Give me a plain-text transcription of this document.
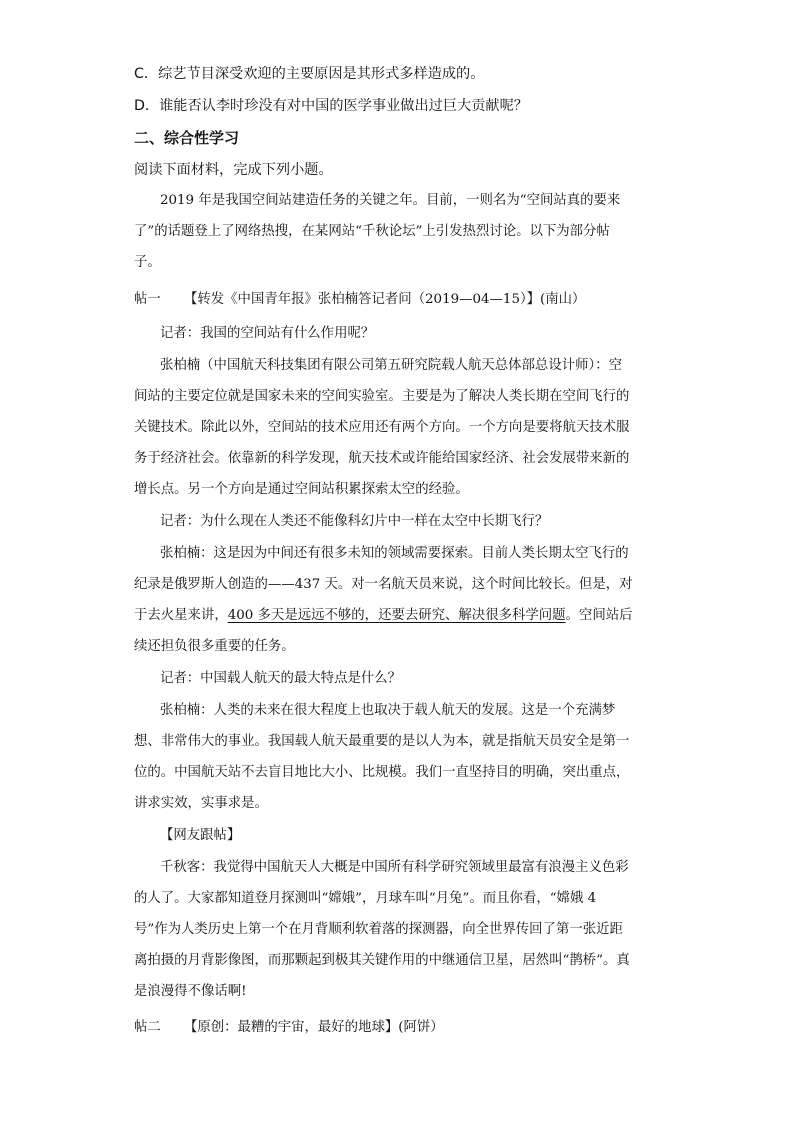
C．综艺节目深受欢迎的主要原因是其形式多样造成的。

D．谁能否认李时珍没有对中国的医学事业做出过巨大贡献呢？

二、综合性学习

阅读下面材料，完成下列小题。

2019 年是我国空间站建造任务的关键之年。目前，一则名为“空间站真的要来

了”的话题登上了网络热搜，在某网站“千秋论坛”上引发热烈讨论。以下为部分帖

子。

帖一 【转发《中国青年报》张柏楠答记者问（2019—04—15）】(南山）

记者：我国的空间站有什么作用呢？

张柏楠（中国航天科技集团有限公司第五研究院载人航天总体部总设计师）：空

间站的主要定位就是国家未来的空间实验室。主要是为了解决人类长期在空间飞行的

关键技术。除此以外，空间站的技术应用还有两个方向。一个方向是要将航天技术服

务于经济社会。依靠新的科学发现，航天技术或许能给国家经济、社会发展带来新的

增长点。另一个方向是通过空间站积累探索太空的经验。

记者：为什么现在人类还不能像科幻片中一样在太空中长期飞行？

张柏楠：这是因为中间还有很多未知的领域需要探索。目前人类长期太空飞行的

纪录是俄罗斯人创造的——437 天。对一名航天员来说，这个时间比较长。但是，对

于去火星来讲，400 多天是远远不够的，还要去研究、解决很多科学问题。空间站后

续还担负很多重要的任务。

记者：中国载人航天的最大特点是什么？

张柏楠：人类的未来在很大程度上也取决于载人航天的发展。这是一个充满梦

想、非常伟大的事业。我国载人航天最重要的是以人为本，就是指航天员安全是第一

位的。中国航天站不去盲目地比大小、比规模。我们一直坚持目的明确，突出重点，

讲求实效，实事求是。

【网友跟帖】

千秋客：我觉得中国航天人大概是中国所有科学研究领域里最富有浪漫主义色彩

的人了。大家都知道登月探测叫“嫦娥”，月球车叫“月兔”。而且你看，“嫦娥 4

号”作为人类历史上第一个在月背顺利软着落的探测器，向全世界传回了第一张近距

离拍摄的月背影像图，而那颗起到极其关键作用的中继通信卫星，居然叫“鹊桥”。真

是浪漫得不像话啊!

帖二 【原创：最糟的宇宙，最好的地球】(阿饼）
